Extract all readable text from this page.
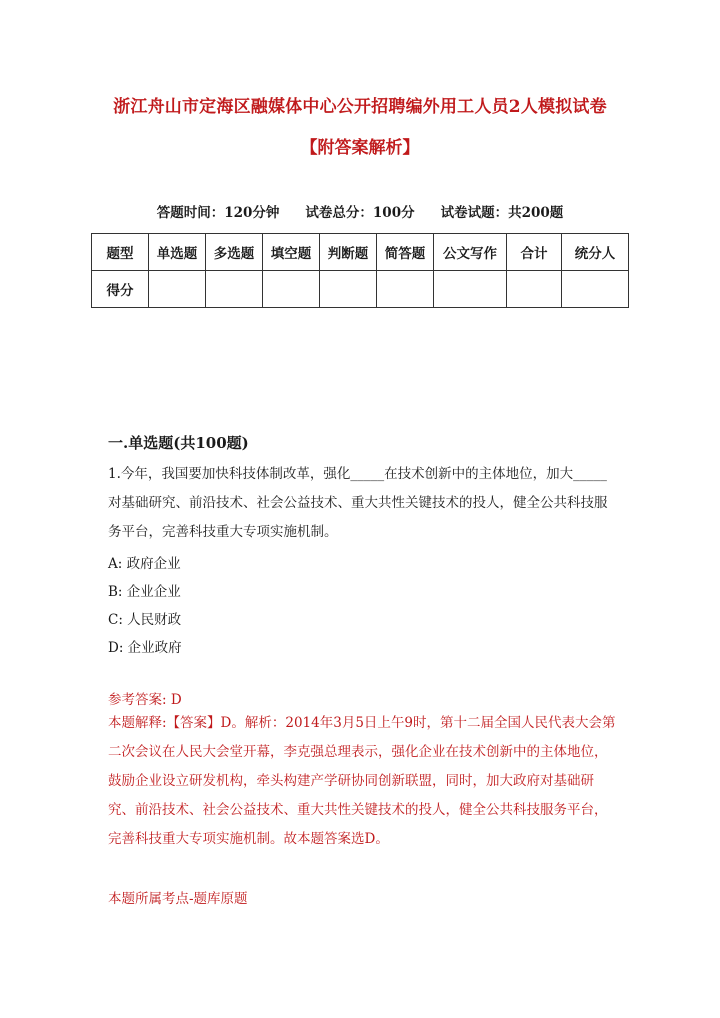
浙江舟山市定海区融媒体中心公开招聘编外用工人员2人模拟试卷
【附答案解析】
答题时间：120分钟 试卷总分：100分 试卷试题：共200题
题型	单选题	多选题	填空题	判断题	简答题	公文写作	合计	统分人
得分								
一.单选题(共100题)
1.今年，我国要加快科技体制改革，强化_____在技术创新中的主体地位，加大_____对基础研究、前沿技术、社会公益技术、重大共性关键技术的投人，健全公共科技服务平台，完善科技重大专项实施机制。
A: 政府企业
B: 企业企业
C: 人民财政
D: 企业政府
参考答案: D
本题解释:【答案】D。解析：2014年3月5日上午9时，第十二届全国人民代表大会第二次会议在人民大会堂开幕，李克强总理表示，强化企业在技术创新中的主体地位，鼓励企业设立研发机构，牵头构建产学研协同创新联盟，同时，加大政府对基础研究、前沿技术、社会公益技术、重大共性关键技术的投人，健全公共科技服务平台，完善科技重大专项实施机制。故本题答案选D。
本题所属考点-题库原题
